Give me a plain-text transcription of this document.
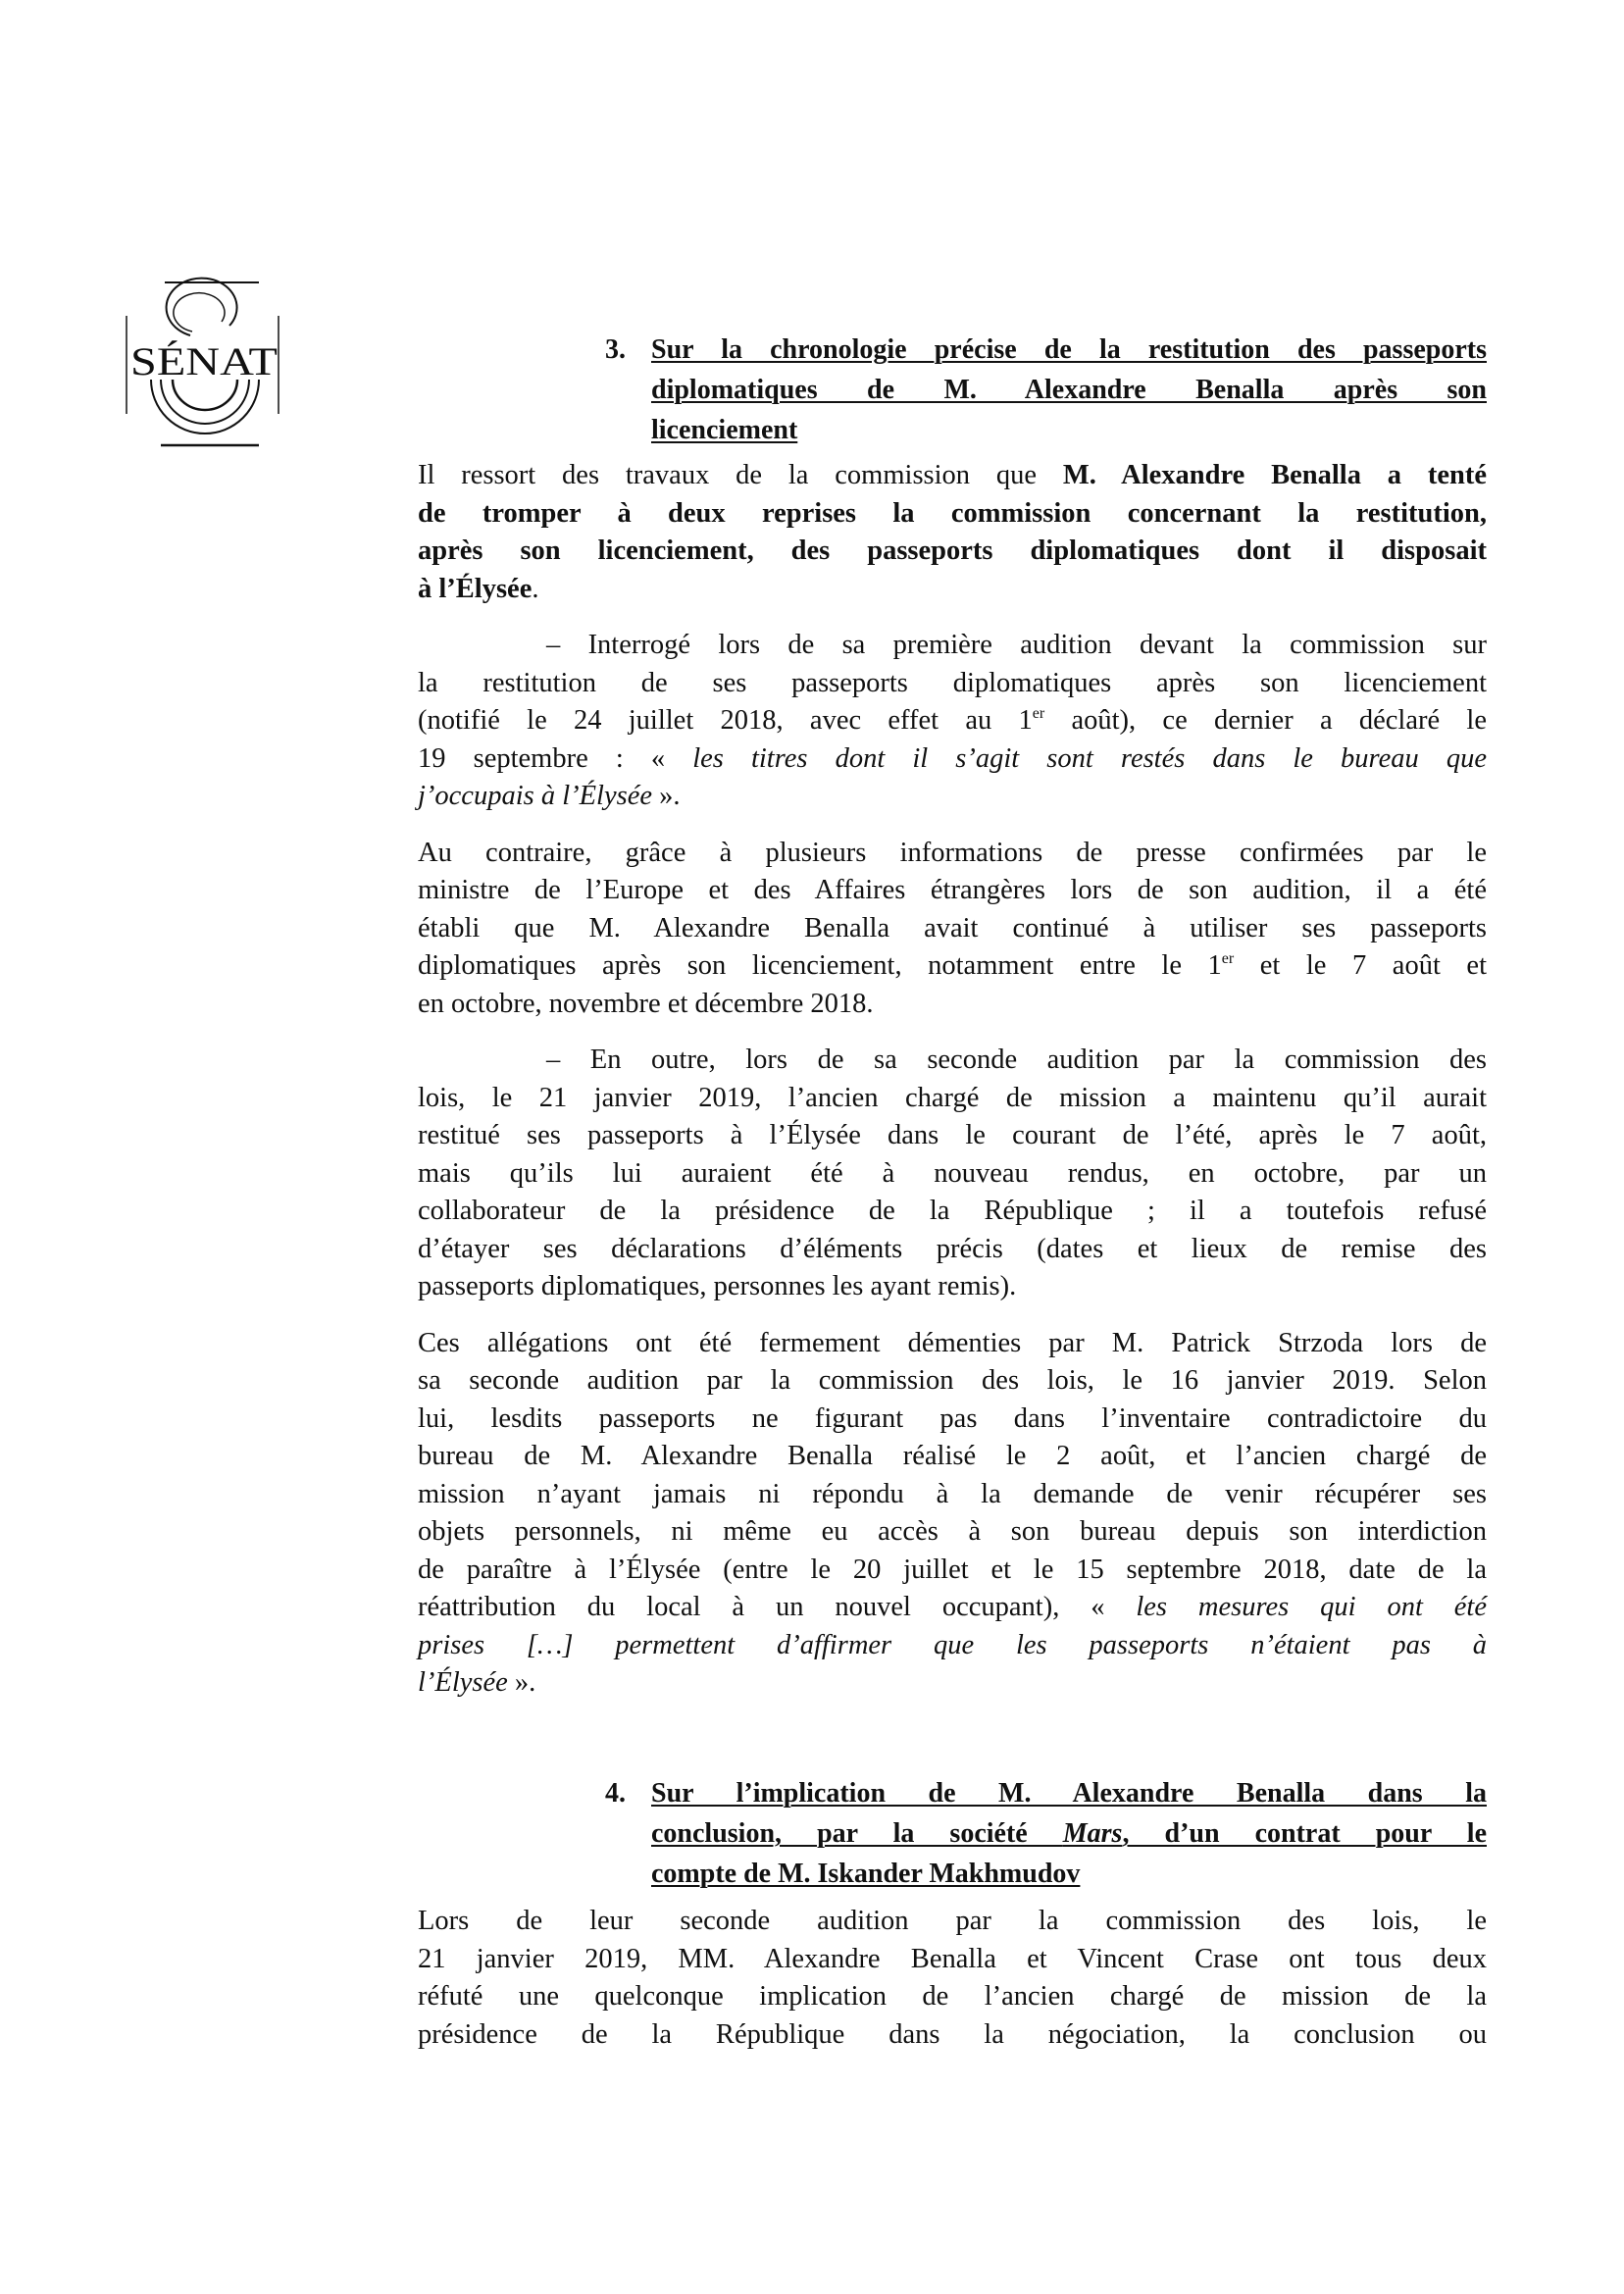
SÉNAT	3. Sur la chronologie précise de la restitution des passeports
diplomatiques de M. Alexandre Benalla après son
licenciement
Il ressort des travaux de la commission que M. Alexandre Benalla a tenté
de tromper à deux reprises la commission concernant la restitution,
après son licenciement, des passeports diplomatiques dont il disposait
à l’Élysée.
– Interrogé lors de sa première audition devant la commission sur
la restitution de ses passeports diplomatiques après son licenciement
(notifié le 24 juillet 2018, avec effet au 1er août), ce dernier a déclaré le
19 septembre : « les titres dont il s’agit sont restés dans le bureau que
j’occupais à l’Élysée ».
Au contraire, grâce à plusieurs informations de presse confirmées par le
ministre de l’Europe et des Affaires étrangères lors de son audition, il a été
établi que M. Alexandre Benalla avait continué à utiliser ses passeports
diplomatiques après son licenciement, notamment entre le 1er et le 7 août et
en octobre, novembre et décembre 2018.
– En outre, lors de sa seconde audition par la commission des
lois, le 21 janvier 2019, l’ancien chargé de mission a maintenu qu’il aurait
restitué ses passeports à l’Élysée dans le courant de l’été, après le 7 août,
mais qu’ils lui auraient été à nouveau rendus, en octobre, par un
collaborateur de la présidence de la République ; il a toutefois refusé
d’étayer ses déclarations d’éléments précis (dates et lieux de remise des
passeports diplomatiques, personnes les ayant remis).
Ces allégations ont été fermement démenties par M. Patrick Strzoda lors de
sa seconde audition par la commission des lois, le 16 janvier 2019. Selon
lui, lesdits passeports ne figurant pas dans l’inventaire contradictoire du
bureau de M. Alexandre Benalla réalisé le 2 août, et l’ancien chargé de
mission n’ayant jamais ni répondu à la demande de venir récupérer ses
objets personnels, ni même eu accès à son bureau depuis son interdiction
de paraître à l’Élysée (entre le 20 juillet et le 15 septembre 2018, date de la
réattribution du local à un nouvel occupant), « les mesures qui ont été
prises […] permettent d’affirmer que les passeports n’étaient pas à
l’Élysée ».
4. Sur l’implication de M. Alexandre Benalla dans la
conclusion, par la société Mars, d’un contrat pour le
compte de M. Iskander Makhmudov
Lors de leur seconde audition par la commission des lois, le
21 janvier 2019, MM. Alexandre Benalla et Vincent Crase ont tous deux
réfuté une quelconque implication de l’ancien chargé de mission de la
présidence de la République dans la négociation, la conclusion ou
